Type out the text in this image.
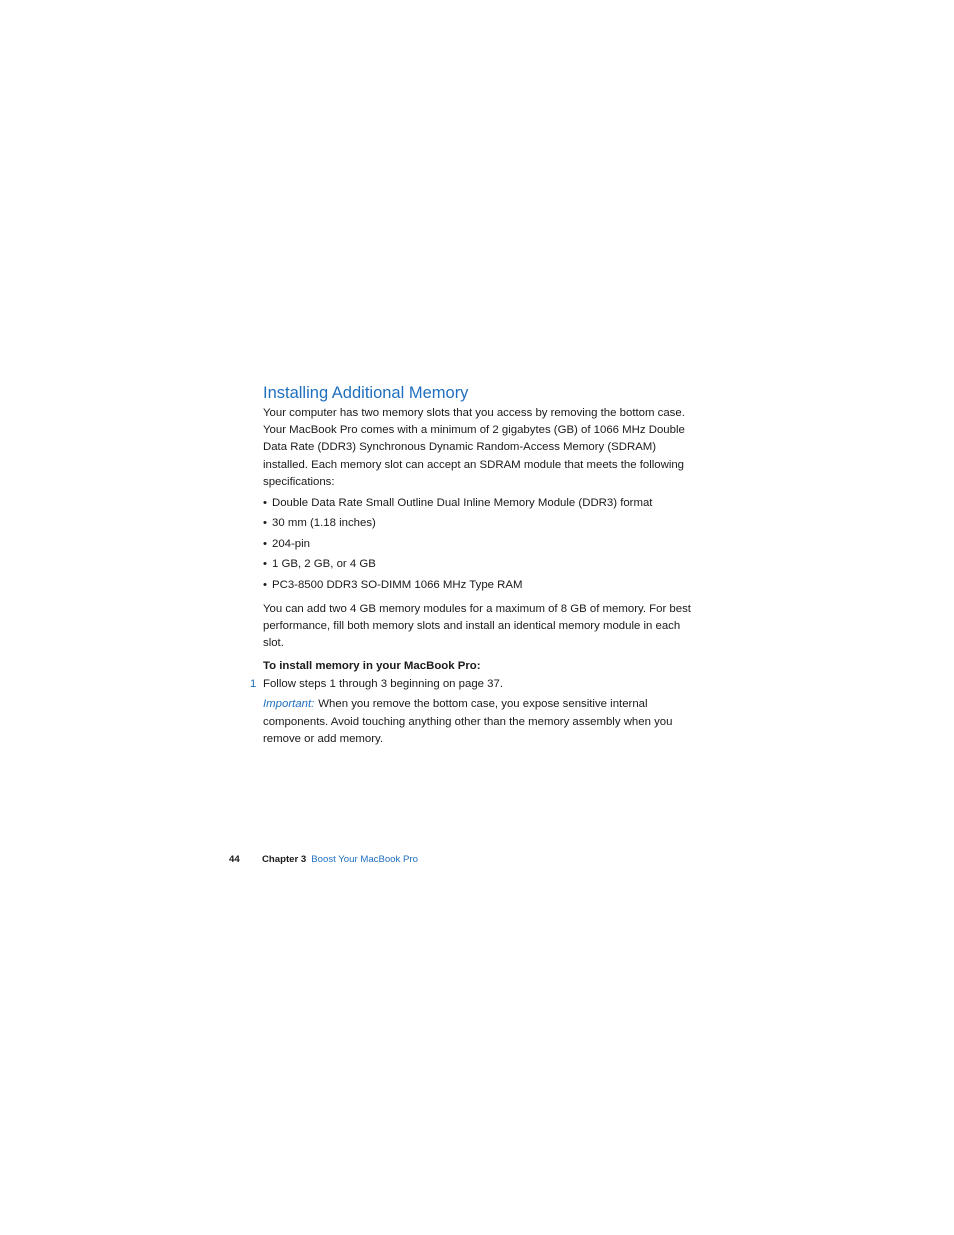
Installing Additional Memory

Your computer has two memory slots that you access by removing the bottom case. Your MacBook Pro comes with a minimum of 2 gigabytes (GB) of 1066 MHz Double Data Rate (DDR3) Synchronous Dynamic Random-Access Memory (SDRAM) installed. Each memory slot can accept an SDRAM module that meets the following specifications:

• Double Data Rate Small Outline Dual Inline Memory Module (DDR3) format
• 30 mm (1.18 inches)
• 204-pin
• 1 GB, 2 GB, or 4 GB
• PC3-8500 DDR3 SO-DIMM 1066 MHz Type RAM

You can add two 4 GB memory modules for a maximum of 8 GB of memory. For best performance, fill both memory slots and install an identical memory module in each slot.

To install memory in your MacBook Pro:

1 Follow steps 1 through 3 beginning on page 37.

Important: When you remove the bottom case, you expose sensitive internal components. Avoid touching anything other than the memory assembly when you remove or add memory.

44 Chapter 3 Boost Your MacBook Pro
